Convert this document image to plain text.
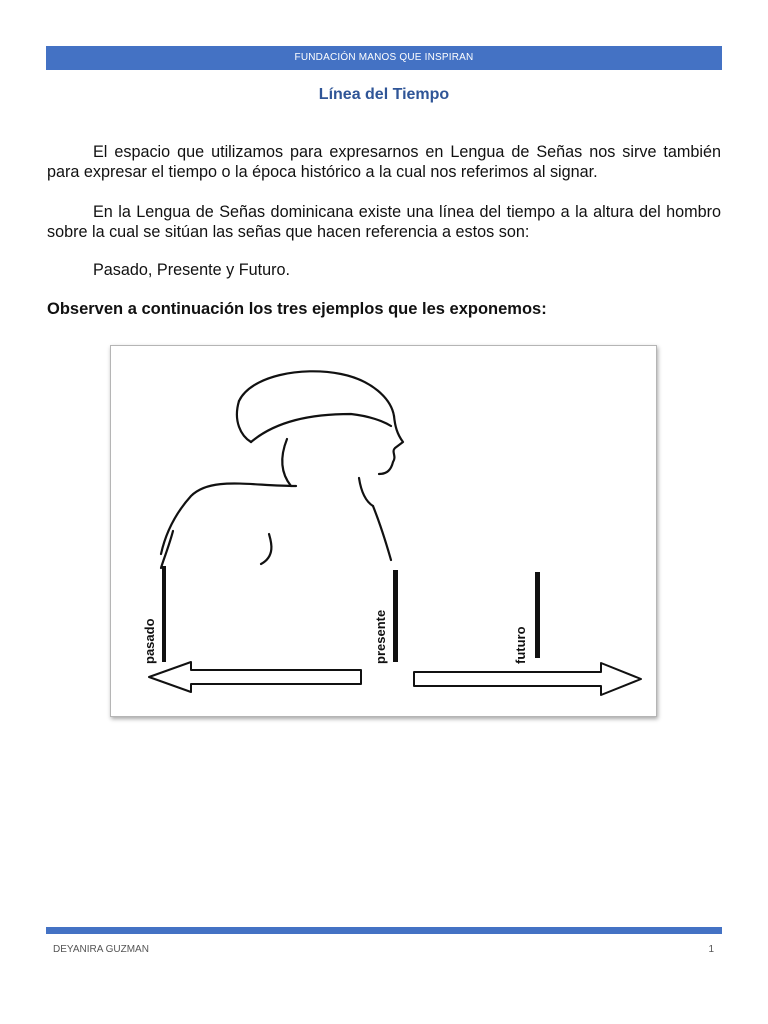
FUNDACIÓN MANOS QUE INSPIRAN
Línea del Tiempo

El espacio que utilizamos para expresarnos en Lengua de Señas nos sirve también para expresar el tiempo o la época histórico a la cual nos referimos al signar.

En la Lengua de Señas dominicana existe una línea del tiempo a la altura del hombro sobre la cual se sitúan las señas que hacen referencia a estos son:

Pasado, Presente y Futuro.

Observen a continuación los tres ejemplos que les exponemos:

pasado	presente	futuro
DEYANIRA GUZMAN	1
